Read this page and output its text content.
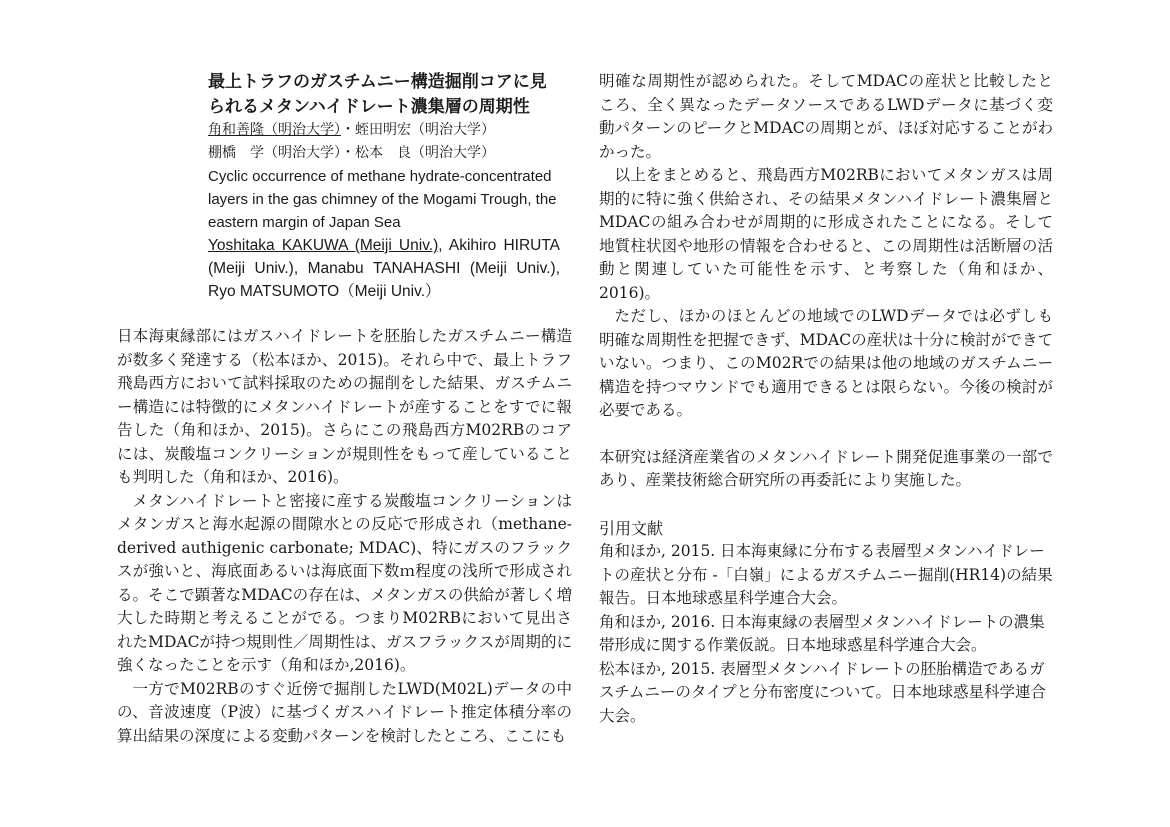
最上トラフのガスチムニー構造掘削コアに見られるメタンハイドレート濃集層の周期性

角和善隆（明治大学）・蛭田明宏（明治大学）
棚橋　学（明治大学）・松本　良（明治大学）

Cyclic occurrence of methane hydrate-concentrated layers in the gas chimney of the Mogami Trough, the eastern margin of Japan Sea

Yoshitaka KAKUWA (Meiji Univ.), Akihiro HIRUTA (Meiji Univ.), Manabu TANAHASHI (Meiji Univ.), Ryo MATSUMOTO（Meiji Univ.）

日本海東縁部にはガスハイドレートを胚胎したガスチムニー構造が数多く発達する（松本ほか、2015)。それら中で、最上トラフ飛島西方において試料採取のための掘削をした結果、ガスチムニー構造には特徴的にメタンハイドレートが産することをすでに報告した（角和ほか、2015)。さらにこの飛島西方M02RBのコアには、炭酸塩コンクリーションが規則性をもって産していることも判明した（角和ほか、2016)。

メタンハイドレートと密接に産する炭酸塩コンクリーションはメタンガスと海水起源の間隙水との反応で形成され（methane-derived authigenic carbonate; MDAC)、特にガスのフラックスが強いと、海底面あるいは海底面下数ｍ程度の浅所で形成される。そこで顕著なMDACの存在は、メタンガスの供給が著しく増大した時期と考えることがでる。つまりM02RBにおいて見出されたMDACが持つ規則性／周期性は、ガスフラックスが周期的に強くなったことを示す（角和ほか,2016)。

一方でM02RBのすぐ近傍で掘削したLWD(M02L)データの中の、音波速度（P波）に基づくガスハイドレート推定体積分率の算出結果の深度による変動パターンを検討したところ、ここにも

明確な周期性が認められた。そしてMDACの産状と比較したところ、全く異なったデータソースであるLWDデータに基づく変動パターンのピークとMDACの周期とが、ほぼ対応することがわかった。

以上をまとめると、飛島西方M02RBにおいてメタンガスは周期的に特に強く供給され、その結果メタンハイドレート濃集層とMDACの組み合わせが周期的に形成されたことになる。そして地質柱状図や地形の情報を合わせると、この周期性は活断層の活動と関連していた可能性を示す、と考察した（角和ほか、2016)。

ただし、ほかのほとんどの地域でのLWDデータでは必ずしも明確な周期性を把握できず、MDACの産状は十分に検討ができていない。つまり、このM02Rでの結果は他の地域のガスチムニー構造を持つマウンドでも適用できるとは限らない。今後の検討が必要である。

本研究は経済産業省のメタンハイドレート開発促進事業の一部であり、産業技術総合研究所の再委託により実施した。

引用文献

角和ほか, 2015. 日本海東縁に分布する表層型メタンハイドレートの産状と分布 -「白嶺」によるガスチムニー掘削(HR14)の結果報告。日本地球惑星科学連合大会。

角和ほか, 2016. 日本海東縁の表層型メタンハイドレートの濃集帯形成に関する作業仮説。日本地球惑星科学連合大会。

松本ほか, 2015. 表層型メタンハイドレートの胚胎構造であるガスチムニーのタイプと分布密度について。日本地球惑星科学連合大会。
